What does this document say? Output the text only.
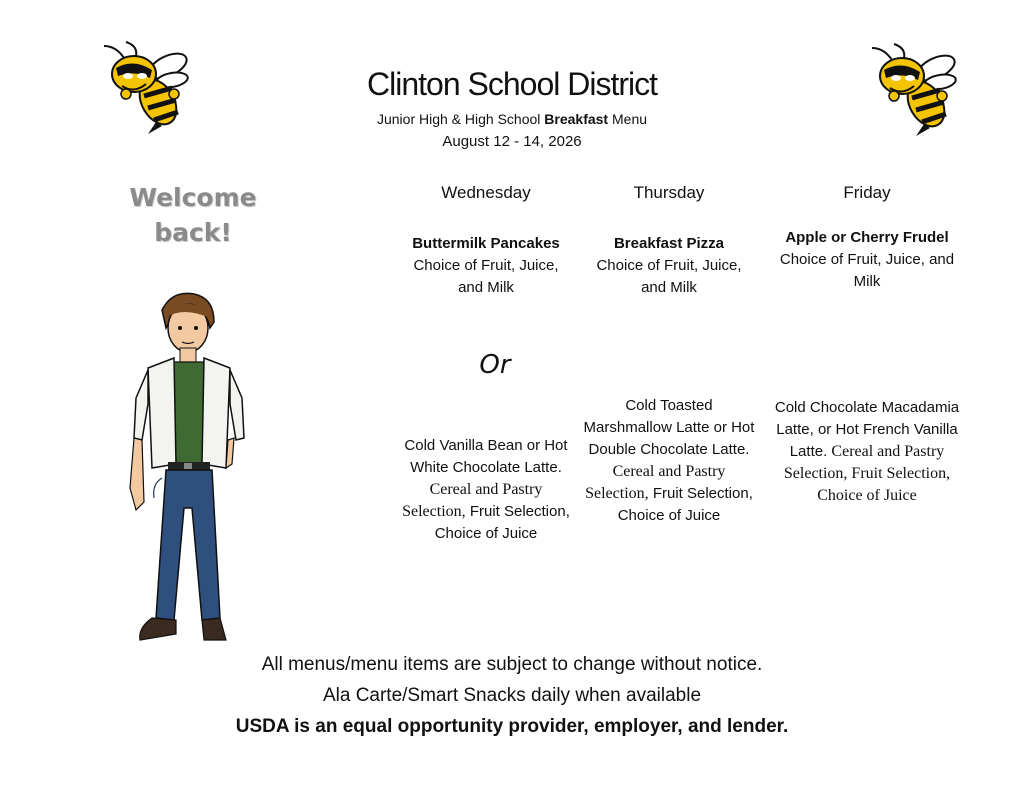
Clinton School District
Junior High & High School Breakfast Menu
August 12 - 14, 2026
Welcome
back!
Wednesday	Thursday	Friday
Buttermilk Pancakes
Choice of Fruit, Juice, and Milk
Breakfast Pizza
Choice of Fruit, Juice, and Milk
Apple or Cherry Frudel
Choice of Fruit, Juice, and Milk
Or
Cold Vanilla Bean or Hot White Chocolate Latte. Cereal and Pastry Selection, Fruit Selection, Choice of Juice
Cold Toasted Marshmallow Latte or Hot Double Chocolate Latte. Cereal and Pastry Selection, Fruit Selection, Choice of Juice
Cold Chocolate Macadamia Latte, or Hot French Vanilla Latte. Cereal and Pastry Selection, Fruit Selection, Choice of Juice
All menus/menu items are subject to change without notice.
Ala Carte/Smart Snacks daily when available
USDA is an equal opportunity provider, employer, and lender.
